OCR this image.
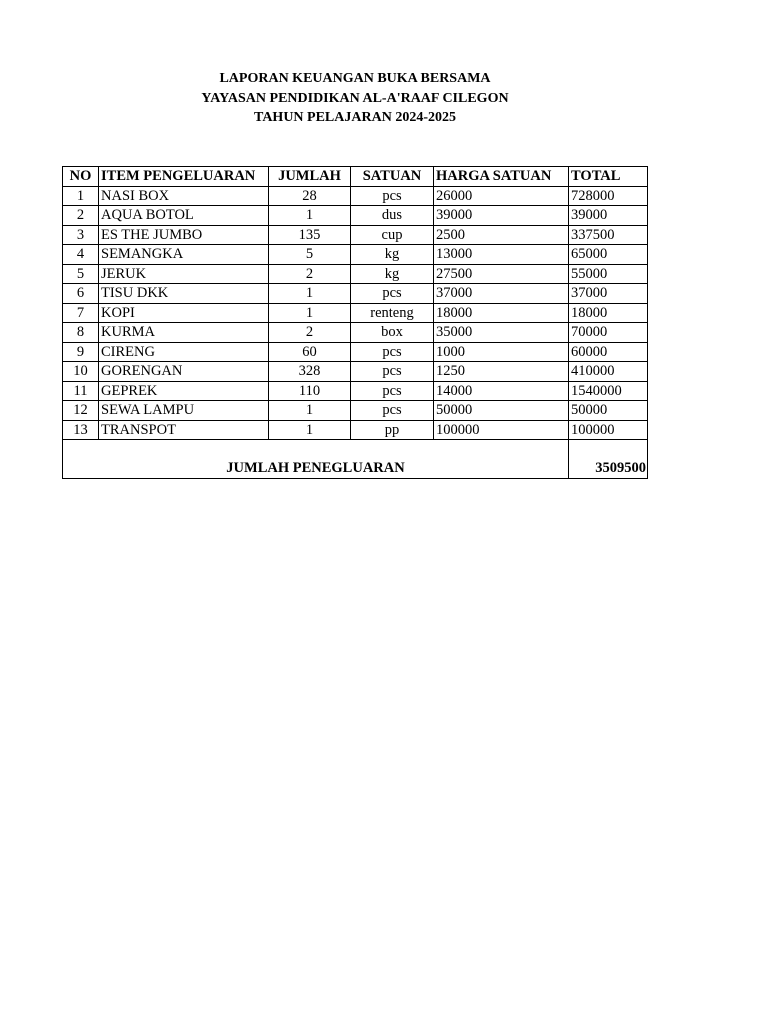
LAPORAN KEUANGAN BUKA BERSAMA
YAYASAN PENDIDIKAN AL-A'RAAF CILEGON
TAHUN PELAJARAN 2024-2025
NO	ITEM PENGELUARAN	JUMLAH	SATUAN	HARGA SATUAN	TOTAL
1	NASI BOX	28	pcs	26000	728000
2	AQUA BOTOL	1	dus	39000	39000
3	ES THE JUMBO	135	cup	2500	337500
4	SEMANGKA	5	kg	13000	65000
5	JERUK	2	kg	27500	55000
6	TISU DKK	1	pcs	37000	37000
7	KOPI	1	renteng	18000	18000
8	KURMA	2	box	35000	70000
9	CIRENG	60	pcs	1000	60000
10	GORENGAN	328	pcs	1250	410000
11	GEPREK	110	pcs	14000	1540000
12	SEWA LAMPU	1	pcs	50000	50000
13	TRANSPOT	1	pp	100000	100000
JUMLAH PENEGLUARAN					3509500
